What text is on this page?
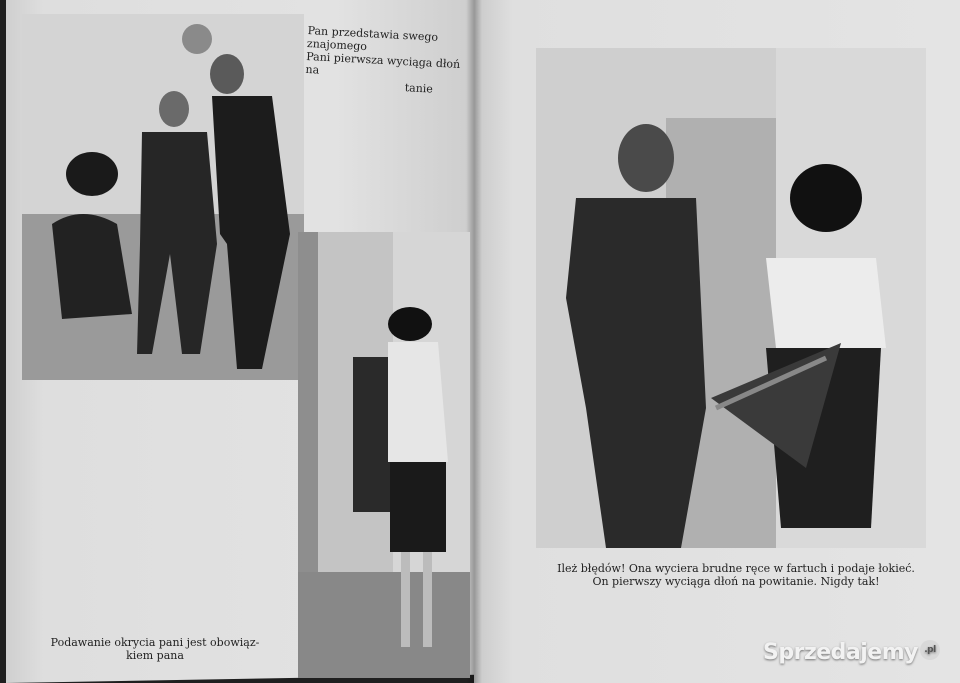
Pan przedstawia swego znajomego
Pani pierwsza wyciąga dłoń na
tanie
Podawanie okrycia pani jest obowiąz-
kiem pana
Ileż błędów! Ona wyciera brudne ręce w fartuch i podaje łokieć.
On pierwszy wyciąga dłoń na powitanie. Nigdy tak!
Sprzedajemy .pl
